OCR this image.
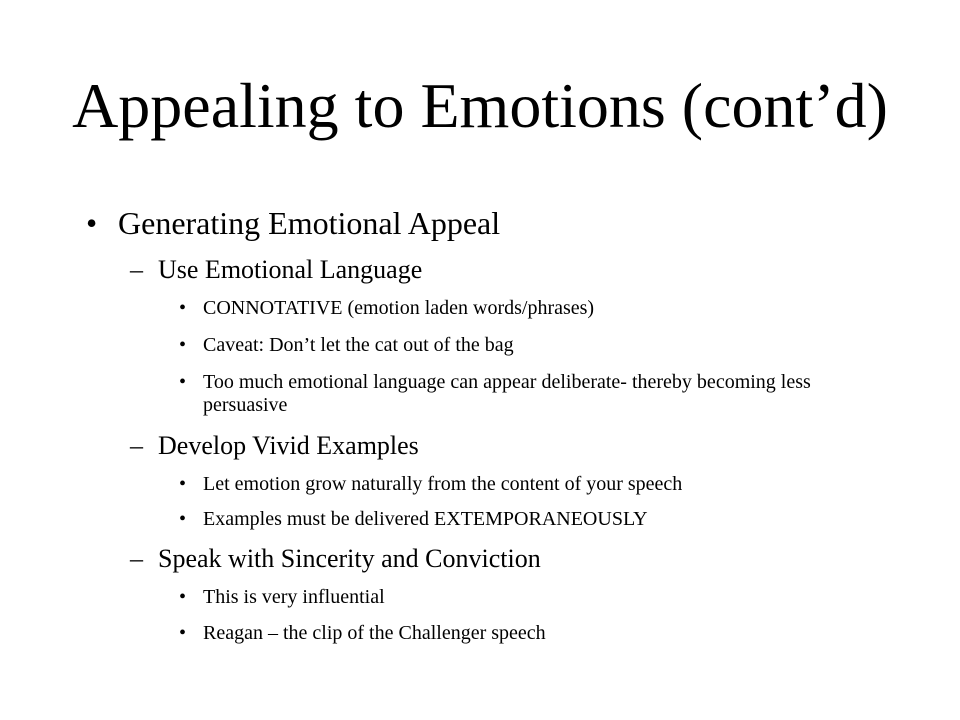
Appealing to Emotions (cont’d)
• Generating Emotional Appeal
– Use Emotional Language
• CONNOTATIVE (emotion laden words/phrases)
• Caveat: Don’t let the cat out of the bag
• Too much emotional language can appear deliberate- thereby becoming less persuasive
– Develop Vivid Examples
• Let emotion grow naturally from the content of your speech
• Examples must be delivered EXTEMPORANEOUSLY
– Speak with Sincerity and Conviction
• This is very influential
• Reagan – the clip of the Challenger speech
